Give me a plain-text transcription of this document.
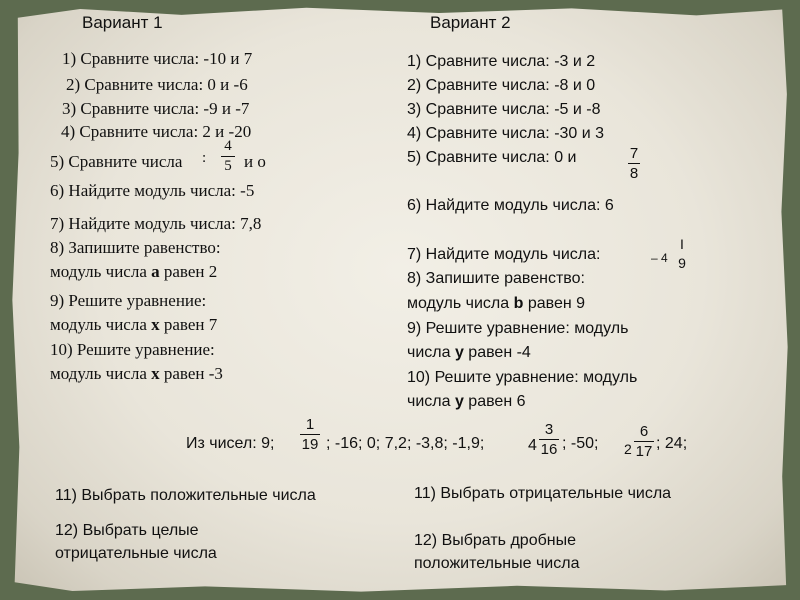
Вариант 1
1) Сравните числа: -10 и 7
2) Сравните числа: 0 и -6
3) Сравните числа: -9 и -7
4) Сравните числа: 2 и -20
5) Сравните числа :
4
5 и о
6) Найдите модуль числа: -5
7) Найдите модуль числа: 7,8
8) Запишите равенство:
модуль числа a равен 2
9) Решите уравнение:
модуль числа x равен 7
10) Решите уравнение:
модуль числа x равен -3
Вариант 2
1) Сравните числа: -3 и 2
2) Сравните числа: -8 и 0
3) Сравните числа: -5 и -8
4) Сравните числа: -30 и 3
5) Сравните числа: 0 и	7
8
6) Найдите модуль числа: 6
7) Найдите модуль числа:	– 4
I
9
8) Запишите равенство:
модуль числа b равен 9
9) Решите уравнение: модуль
числа y равен -4
10) Решите уравнение: модуль
числа y равен 6
Из чисел: 9;
1
19 ; -16; 0; 7,2; -3,8; -1,9;	4
3
16 ; -50; 2
6
17 ; 24;
11) Выбрать положительные числа
12) Выбрать целые
отрицательные числа
11) Выбрать отрицательные числа
12) Выбрать дробные
положительные числа
